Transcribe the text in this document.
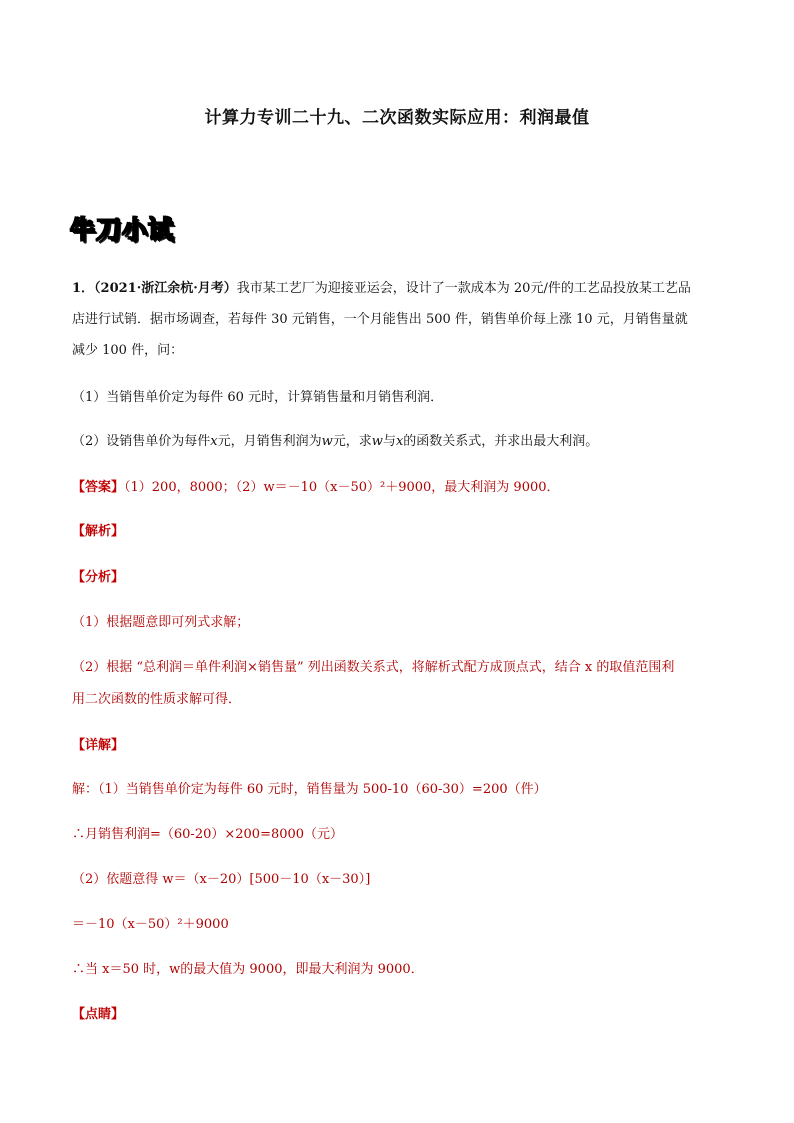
计算力专训二十九、二次函数实际应用：利润最值
牛刀小试
1．（2021·浙江余杭·月考）我市某工艺厂为迎接亚运会，设计了一款成本为 20元/件的工艺品投放某工艺品
店进行试销．据市场调查，若每件 30 元销售，一个月能售出 500 件，销售单价每上涨 10 元，月销售量就
减少 100 件，问：
（1）当销售单价定为每件 60 元时，计算销售量和月销售利润．
（2）设销售单价为每件x元，月销售利润为w元，求w与x的函数关系式，并求出最大利润。
【答案】（1）200，8000；（2）w＝－10（x－50）²＋9000，最大利润为 9000．
【解析】
【分析】
（1）根据题意即可列式求解；
（2）根据 “总利润＝单件利润×销售量” 列出函数关系式，将解析式配方成顶点式，结合 x 的取值范围利
用二次函数的性质求解可得．
【详解】
解：（1）当销售单价定为每件 60 元时，销售量为 500-10（60-30）=200（件）
∴月销售利润=（60-20）×200=8000（元）
（2）依题意得 w＝（x－20）[500－10（x－30）]
＝－10（x－50）²＋9000
∴当 x＝50 时，w的最大值为 9000，即最大利润为 9000．
【点睛】
